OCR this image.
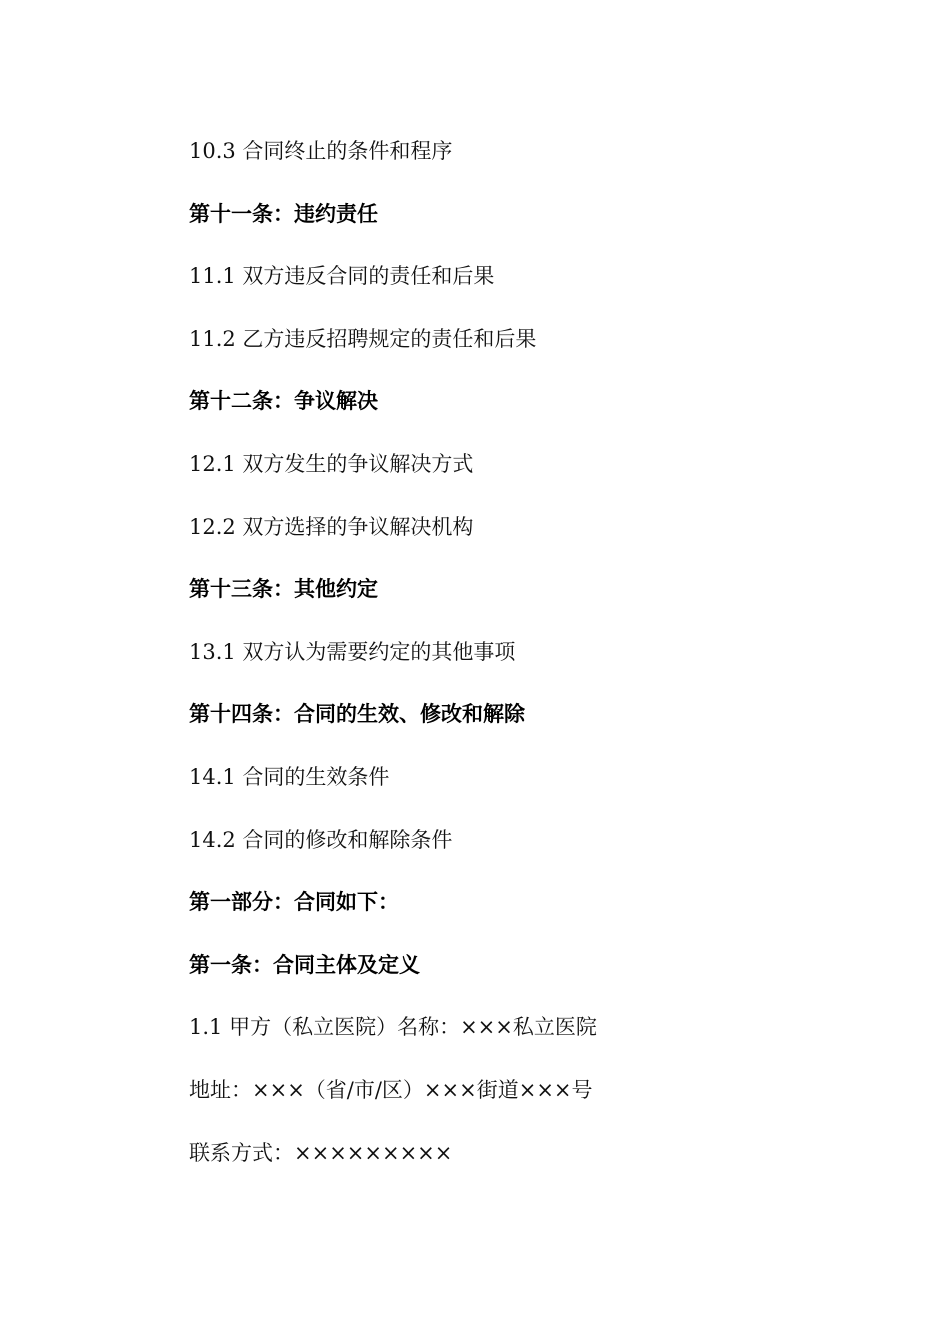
10.3 合同终止的条件和程序
第十一条：违约责任
11.1 双方违反合同的责任和后果
11.2 乙方违反招聘规定的责任和后果
第十二条：争议解决
12.1 双方发生的争议解决方式
12.2 双方选择的争议解决机构
第十三条：其他约定
13.1 双方认为需要约定的其他事项
第十四条：合同的生效、修改和解除
14.1 合同的生效条件
14.2 合同的修改和解除条件
第一部分：合同如下：
第一条：合同主体及定义
1.1 甲方（私立医院）名称：×××私立医院
地址：×××（省/市/区）×××街道×××号
联系方式：×××××××××
